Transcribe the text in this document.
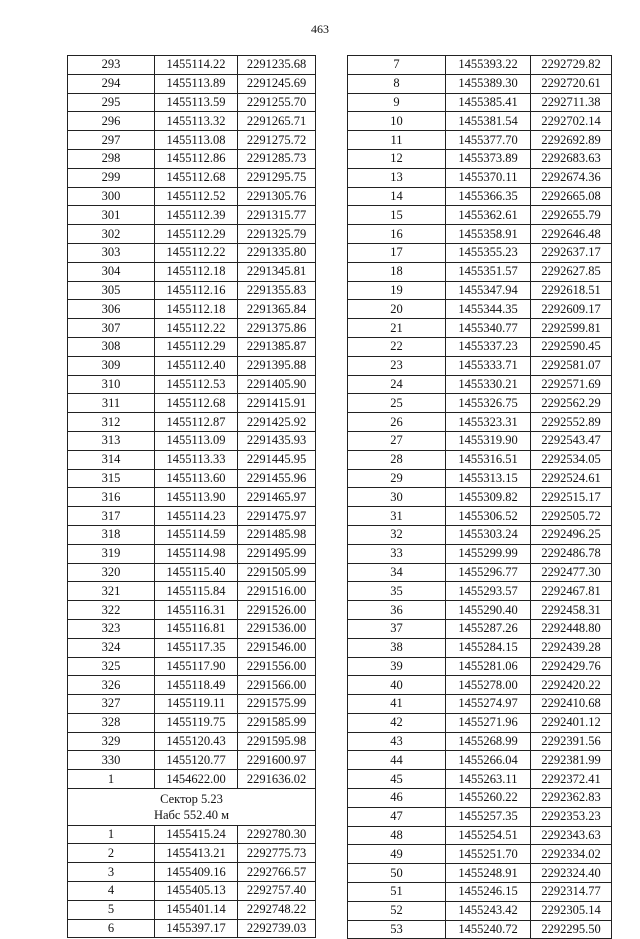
463
293	1455114.22	2291235.68
294	1455113.89	2291245.69
295	1455113.59	2291255.70
296	1455113.32	2291265.71
297	1455113.08	2291275.72
298	1455112.86	2291285.73
299	1455112.68	2291295.75
300	1455112.52	2291305.76
301	1455112.39	2291315.77
302	1455112.29	2291325.79
303	1455112.22	2291335.80
304	1455112.18	2291345.81
305	1455112.16	2291355.83
306	1455112.18	2291365.84
307	1455112.22	2291375.86
308	1455112.29	2291385.87
309	1455112.40	2291395.88
310	1455112.53	2291405.90
311	1455112.68	2291415.91
312	1455112.87	2291425.92
313	1455113.09	2291435.93
314	1455113.33	2291445.95
315	1455113.60	2291455.96
316	1455113.90	2291465.97
317	1455114.23	2291475.97
318	1455114.59	2291485.98
319	1455114.98	2291495.99
320	1455115.40	2291505.99
321	1455115.84	2291516.00
322	1455116.31	2291526.00
323	1455116.81	2291536.00
324	1455117.35	2291546.00
325	1455117.90	2291556.00
326	1455118.49	2291566.00
327	1455119.11	2291575.99
328	1455119.75	2291585.99
329	1455120.43	2291595.98
330	1455120.77	2291600.97
1	1454622.00	2291636.02

Сектор 5.23
Набс 552.40 м		

1	1455415.24	2292780.30
2	1455413.21	2292775.73
3	1455409.16	2292766.57
4	1455405.13	2292757.40
5	1455401.14	2292748.22
6	1455397.17	2292739.03
7	1455393.22	2292729.82
8	1455389.30	2292720.61
9	1455385.41	2292711.38
10	1455381.54	2292702.14
11	1455377.70	2292692.89
12	1455373.89	2292683.63
13	1455370.11	2292674.36
14	1455366.35	2292665.08
15	1455362.61	2292655.79
16	1455358.91	2292646.48
17	1455355.23	2292637.17
18	1455351.57	2292627.85
19	1455347.94	2292618.51
20	1455344.35	2292609.17
21	1455340.77	2292599.81
22	1455337.23	2292590.45
23	1455333.71	2292581.07
24	1455330.21	2292571.69
25	1455326.75	2292562.29
26	1455323.31	2292552.89
27	1455319.90	2292543.47
28	1455316.51	2292534.05
29	1455313.15	2292524.61
30	1455309.82	2292515.17
31	1455306.52	2292505.72
32	1455303.24	2292496.25
33	1455299.99	2292486.78
34	1455296.77	2292477.30
35	1455293.57	2292467.81
36	1455290.40	2292458.31
37	1455287.26	2292448.80
38	1455284.15	2292439.28
39	1455281.06	2292429.76
40	1455278.00	2292420.22
41	1455274.97	2292410.68
42	1455271.96	2292401.12
43	1455268.99	2292391.56
44	1455266.04	2292381.99
45	1455263.11	2292372.41
46	1455260.22	2292362.83
47	1455257.35	2292353.23
48	1455254.51	2292343.63
49	1455251.70	2292334.02
50	1455248.91	2292324.40
51	1455246.15	2292314.77
52	1455243.42	2292305.14
53	1455240.72	2292295.50
